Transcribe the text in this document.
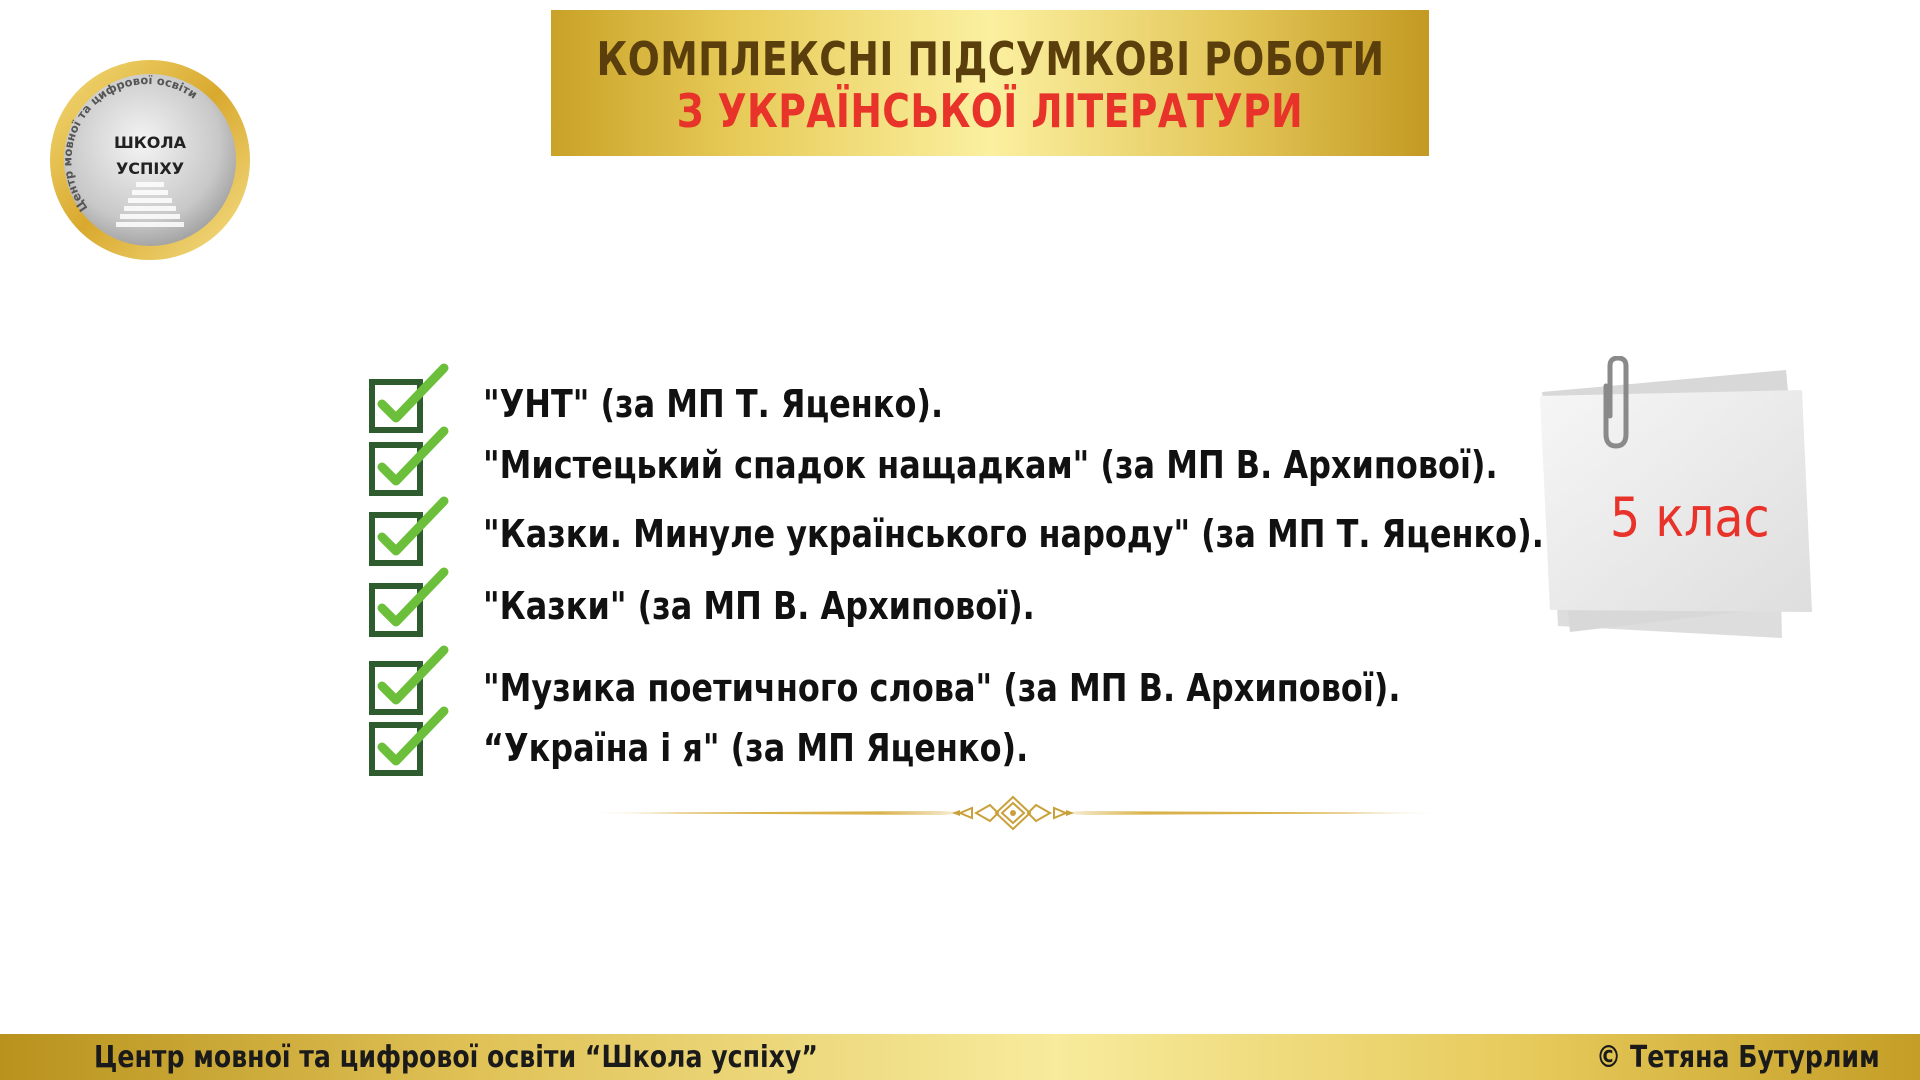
КОМПЛЕКСНІ ПІДСУМКОВІ РОБОТИ
З УКРАЇНСЬКОЇ ЛІТЕРАТУРИ
Центр мовної та цифрової освіти
ШКОЛА
УСПІХУ
"УНТ" (за МП Т. Яценко).
"Мистецький спадок нащадкам" (за МП В. Архипової).
"Казки. Минуле українського народу" (за МП Т. Яценко).
"Казки" (за МП В. Архипової).
"Музика поетичного слова" (за МП В. Архипової).
“Україна і я" (за МП Яценко).
5 клас
Центр мовної та цифрової освіти “Школа успіху”	© Тетяна Бутурлим
